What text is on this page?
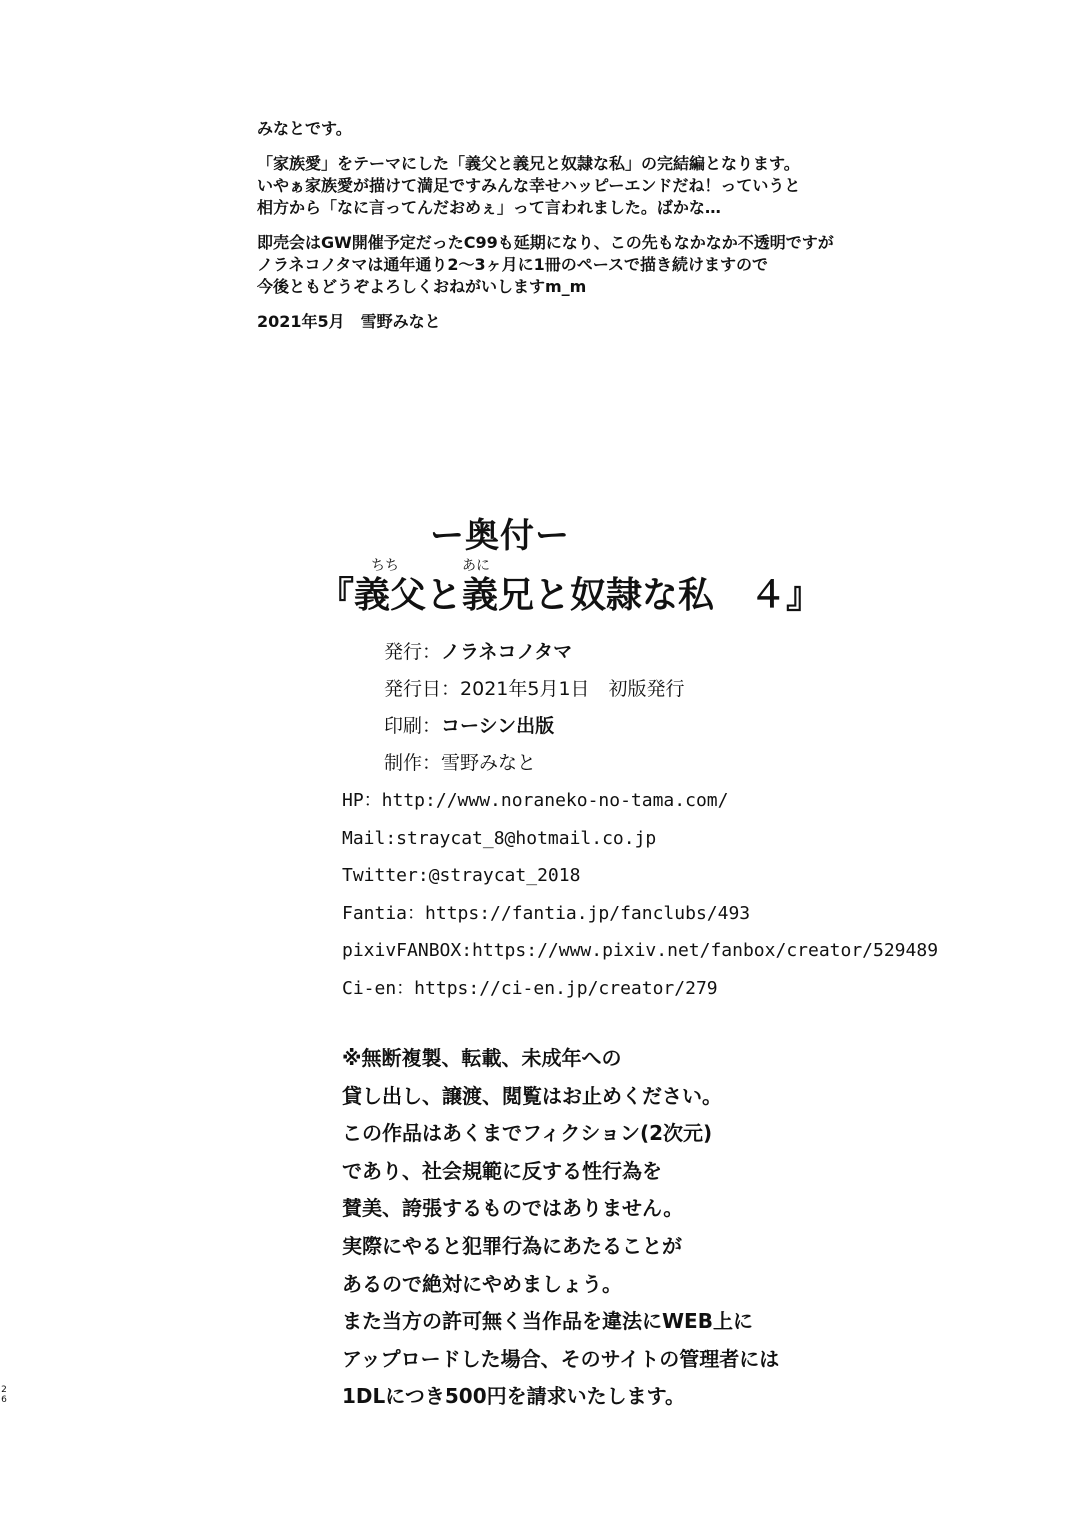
みなとです。
「家族愛」をテーマにした「義父と義兄と奴隷な私」の完結編となります。
いやぁ家族愛が描けて満足ですみんな幸せハッピーエンドだね！っていうと
相方から「なに言ってんだおめぇ」って言われました。ばかな…
即売会はGW開催予定だったC99も延期になり、この先もなかなか不透明ですが
ノラネコノタマは通年通り2～3ヶ月に1冊のペースで描き続けますので
今後ともどうぞよろしくおねがいしますm_m
2021年5月　雪野みなと
ー奥付ー
ちち	あに
『義父と義兄と奴隷な私　４』
発行：ノラネコノタマ
発行日：2021年5月1日　初版発行
印刷：コーシン出版
制作：雪野みなと
HP：http://www.noraneko-no-tama.com/
Mail:straycat_8@hotmail.co.jp
Twitter:@straycat_2018
Fantia：https://fantia.jp/fanclubs/493
pixivFANBOX:https://www.pixiv.net/fanbox/creator/529489
Ci-en：https://ci-en.jp/creator/279
※無断複製、転載、未成年への
貸し出し、譲渡、閲覧はお止めください。
この作品はあくまでフィクション(2次元)
であり、社会規範に反する性行為を
賛美、誇張するものではありません。
実際にやると犯罪行為にあたることが
あるので絶対にやめましょう。
また当方の許可無く当作品を違法にWEB上に
アップロードした場合、そのサイトの管理者には
1DLにつき500円を請求いたします。
26
